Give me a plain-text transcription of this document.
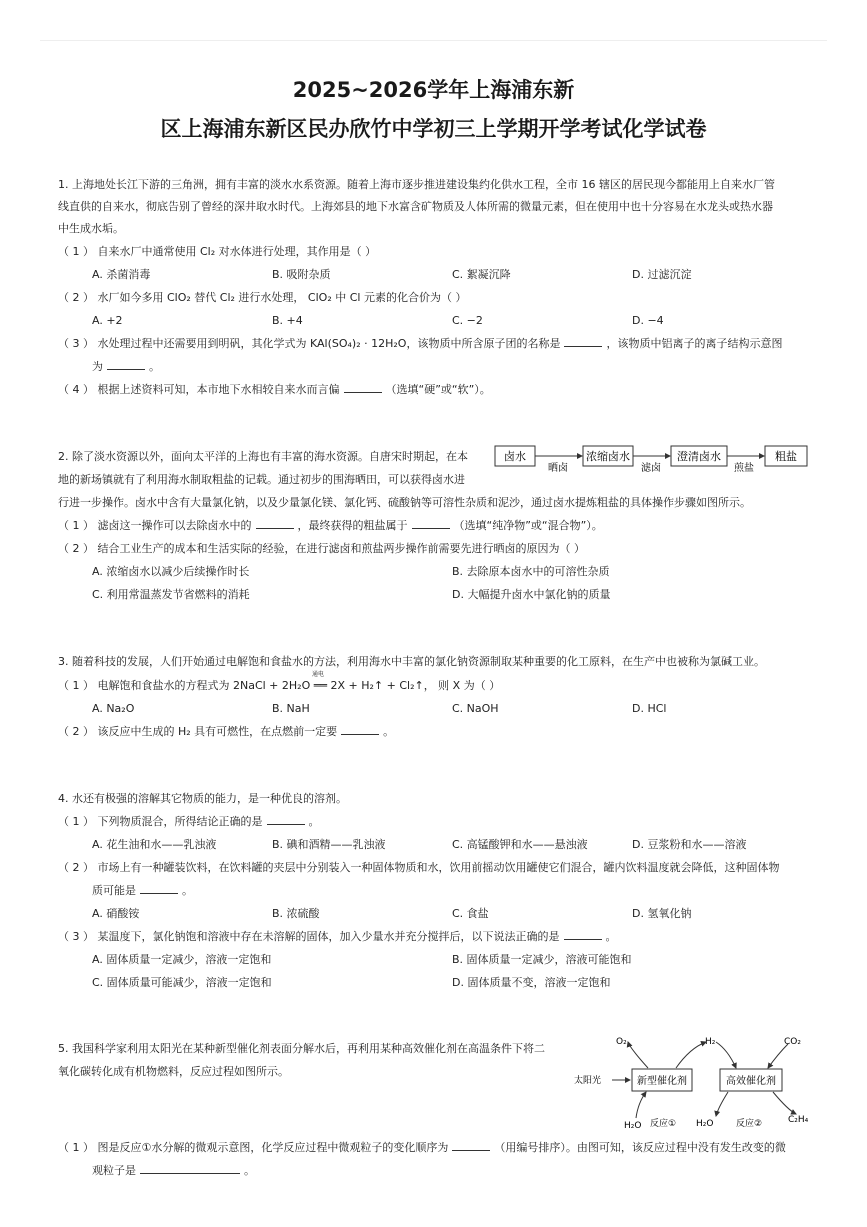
2025~2026学年上海浦东新
区上海浦东新区民办欣竹中学初三上学期开学考试化学试卷
1. 上海地处长江下游的三角洲，拥有丰富的淡水水系资源。随着上海市逐步推进建设集约化供水工程，全市 16 辖区的居民现今都能用上自来水厂管
线直供的自来水，彻底告别了曾经的深井取水时代。上海郊县的地下水富含矿物质及人体所需的微量元素，但在使用中也十分容易在水龙头或热水器
中生成水垢。
（ 1 ） 自来水厂中通常使用 Cl₂ 对水体进行处理，其作用是（ ）
A. 杀菌消毒	B. 吸附杂质	C. 絮凝沉降	D. 过滤沉淀
（ 2 ） 水厂如今多用 ClO₂ 替代 Cl₂ 进行水处理， ClO₂ 中 Cl 元素的化合价为（ ）
A. +2	B. +4	C. −2	D. −4
（ 3 ） 水处理过程中还需要用到明矾，其化学式为 KAl(SO₄)₂ · 12H₂O，该物质中所含原子团的名称是	，该物质中铝离子的离子结构示意图
为	。
（ 4 ） 根据上述资料可知，本市地下水相较自来水而言偏	（选填“硬”或“软”）。
2. 除了淡水资源以外，面向太平洋的上海也有丰富的海水资源。自唐宋时期起，在本
地的新场镇就有了利用海水制取粗盐的记载。通过初步的围海晒田，可以获得卤水进
行进一步操作。卤水中含有大量氯化钠，以及少量氯化镁、氯化钙、硫酸钠等可溶性杂质和泥沙，通过卤水提炼粗盐的具体操作步骤如图所示。
卤水
晒卤
浓缩卤水
滤卤
澄清卤水
煎盐
粗盐
（ 1 ） 滤卤这一操作可以去除卤水中的	，最终获得的粗盐属于	（选填“纯净物”或“混合物”）。
（ 2 ） 结合工业生产的成本和生活实际的经验，在进行滤卤和煎盐两步操作前需要先进行晒卤的原因为（ ）
A. 浓缩卤水以减少后续操作时长	B. 去除原本卤水中的可溶性杂质
C. 利用常温蒸发节省燃料的消耗	D. 大幅提升卤水中氯化钠的质量
3. 随着科技的发展，人们开始通过电解饱和食盐水的方法，利用海水中丰富的氯化钠资源制取某种重要的化工原料，在生产中也被称为氯碱工业。
（ 1 ） 电解饱和食盐水的方程式为 2NaCl + 2H₂O ══ 2X + H₂↑ + Cl₂↑， 则 X 为（ ）
通电
A. Na₂O	B. NaH	C. NaOH	D. HCl
（ 2 ） 该反应中生成的 H₂ 具有可燃性，在点燃前一定要	。
4. 水还有极强的溶解其它物质的能力，是一种优良的溶剂。
（ 1 ） 下列物质混合，所得结论正确的是	。
A. 花生油和水——乳浊液	B. 碘和酒精——乳浊液	C. 高锰酸钾和水——悬浊液	D. 豆浆粉和水——溶液
（ 2 ） 市场上有一种罐装饮料，在饮料罐的夹层中分别装入一种固体物质和水，饮用前摇动饮用罐使它们混合，罐内饮料温度就会降低，这种固体物
质可能是	。
A. 硝酸铵	B. 浓硫酸	C. 食盐	D. 氢氧化钠
（ 3 ） 某温度下，氯化钠饱和溶液中存在未溶解的固体，加入少量水并充分搅拌后，以下说法正确的是	。
A. 固体质量一定减少，溶液一定饱和	B. 固体质量一定减少，溶液可能饱和
C. 固体质量可能减少，溶液一定饱和	D. 固体质量不变，溶液一定饱和
5. 我国科学家利用太阳光在某种新型催化剂表面分解水后，再利用某种高效催化剂在高温条件下将二
氧化碳转化成有机物燃料，反应过程如图所示。
O₂	H₂	CO₂
太阳光	新型催化剂	高效催化剂
H₂O 反应① H₂O	反应②	C₂H₄
（ 1 ） 图是反应①水分解的微观示意图，化学反应过程中微观粒子的变化顺序为	（用编号排序）。由图可知，该反应过程中没有发生改变的微
观粒子是	。
